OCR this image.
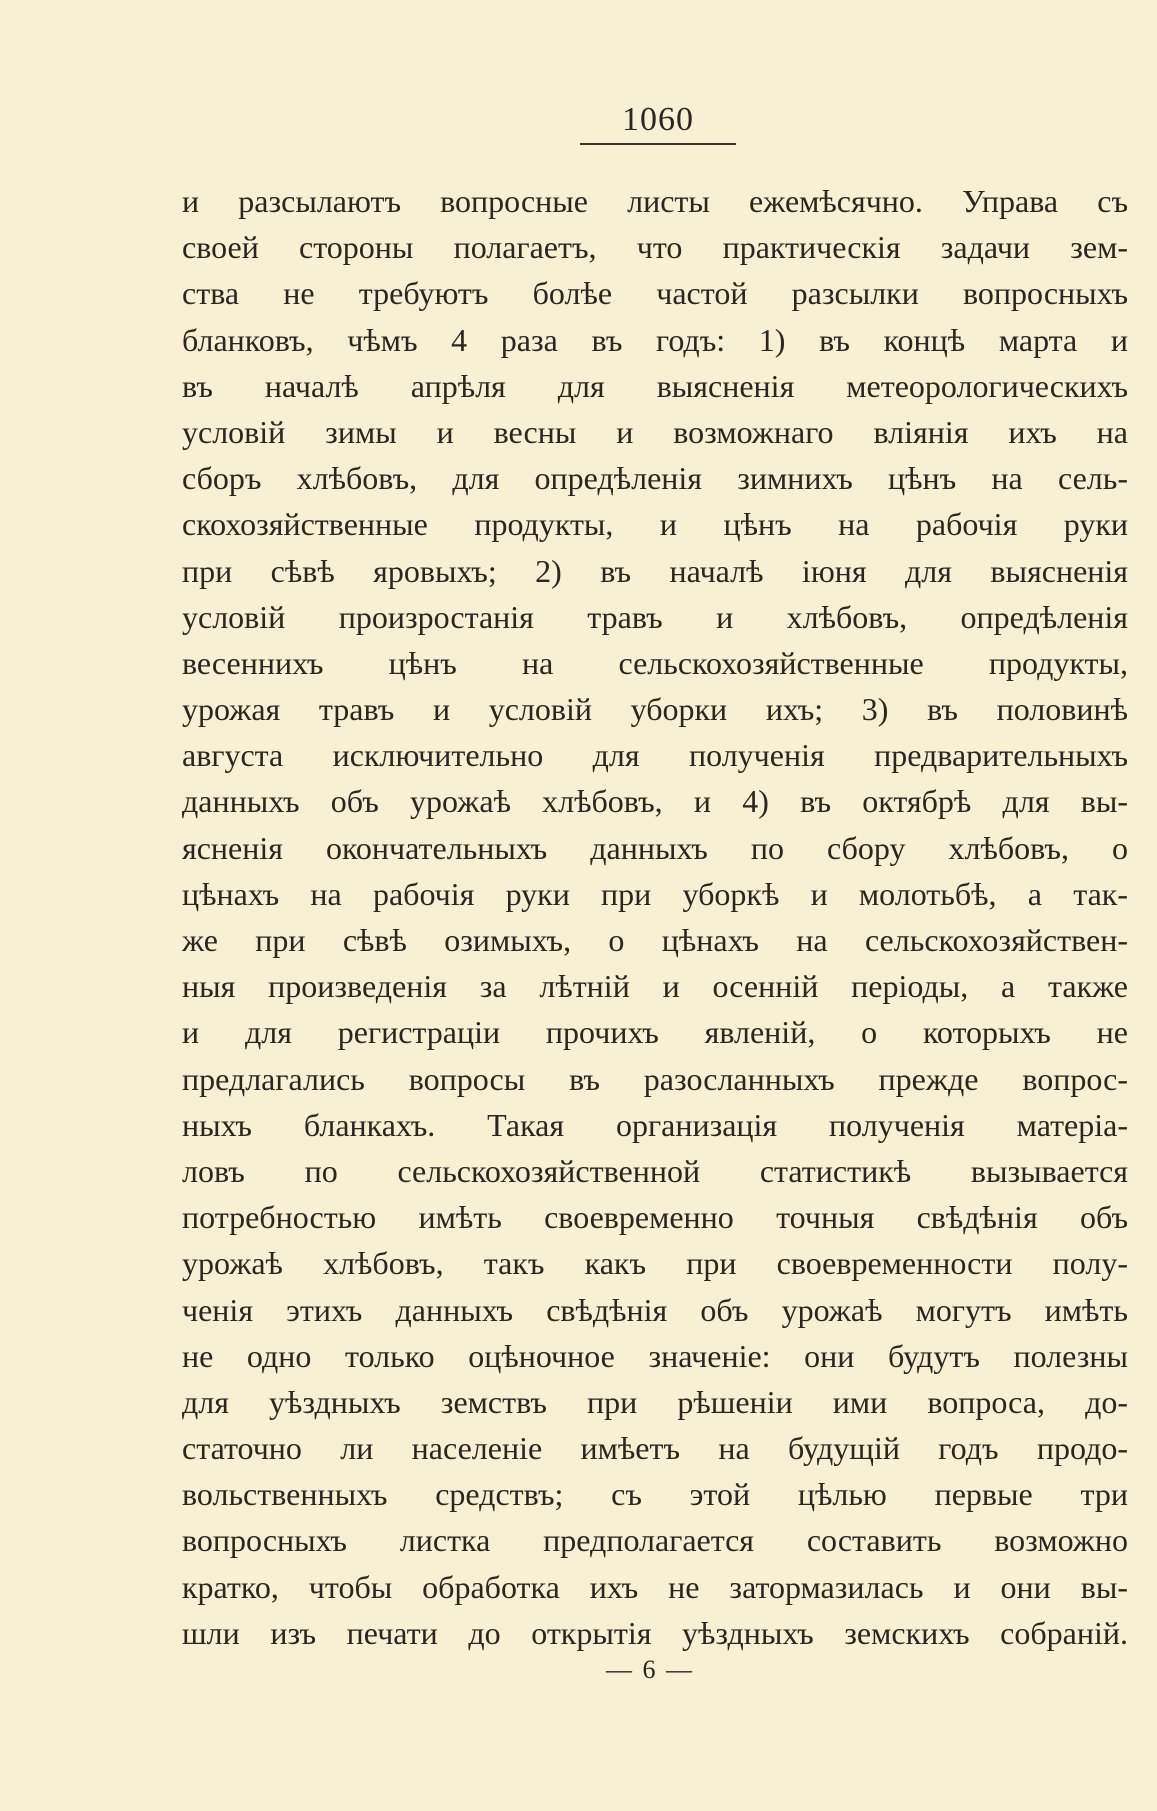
1060
и разсылаютъ вопросные листы ежемѣсячно. Управа съ
своей стороны полагаетъ, что практическія задачи зем-
ства не требуютъ болѣе частой разсылки вопросныхъ
бланковъ, чѣмъ 4 раза въ годъ: 1) въ концѣ марта и
въ началѣ апрѣля для выясненія метеорологическихъ
условій зимы и весны и возможнаго вліянія ихъ на
сборъ хлѣбовъ, для опредѣленія зимнихъ цѣнъ на сель-
скохозяйственные продукты, и цѣнъ на рабочія руки
при сѣвѣ яровыхъ; 2) въ началѣ іюня для выясненія
условій произростанія травъ и хлѣбовъ, опредѣленія
весеннихъ цѣнъ на сельскохозяйственные продукты,
урожая травъ и условій уборки ихъ; 3) въ половинѣ
августа исключительно для полученія предварительныхъ
данныхъ объ урожаѣ хлѣбовъ, и 4) въ октябрѣ для вы-
ясненія окончательныхъ данныхъ по сбору хлѣбовъ, о
цѣнахъ на рабочія руки при уборкѣ и молотьбѣ, а так-
же при сѣвѣ озимыхъ, о цѣнахъ на сельскохозяйствен-
ныя произведенія за лѣтній и осенній періоды, а также
и для регистраціи прочихъ явленій, о которыхъ не
предлагались вопросы въ разосланныхъ прежде вопрос-
ныхъ бланкахъ. Такая организація полученія матеріа-
ловъ по сельскохозяйственной статистикѣ вызывается
потребностью имѣть своевременно точныя свѣдѣнія объ
урожаѣ хлѣбовъ, такъ какъ при своевременности полу-
ченія этихъ данныхъ свѣдѣнія объ урожаѣ могутъ имѣть
не одно только оцѣночное значеніе: они будутъ полезны
для уѣздныхъ земствъ при рѣшеніи ими вопроса, до-
статочно ли населеніе имѣетъ на будущій годъ продо-
вольственныхъ средствъ; съ этой цѣлью первые три
вопросныхъ листка предполагается составить возможно
кратко, чтобы обработка ихъ не затормазилась и они вы-
шли изъ печати до открытія уѣздныхъ земскихъ собраній.
— 6 —
